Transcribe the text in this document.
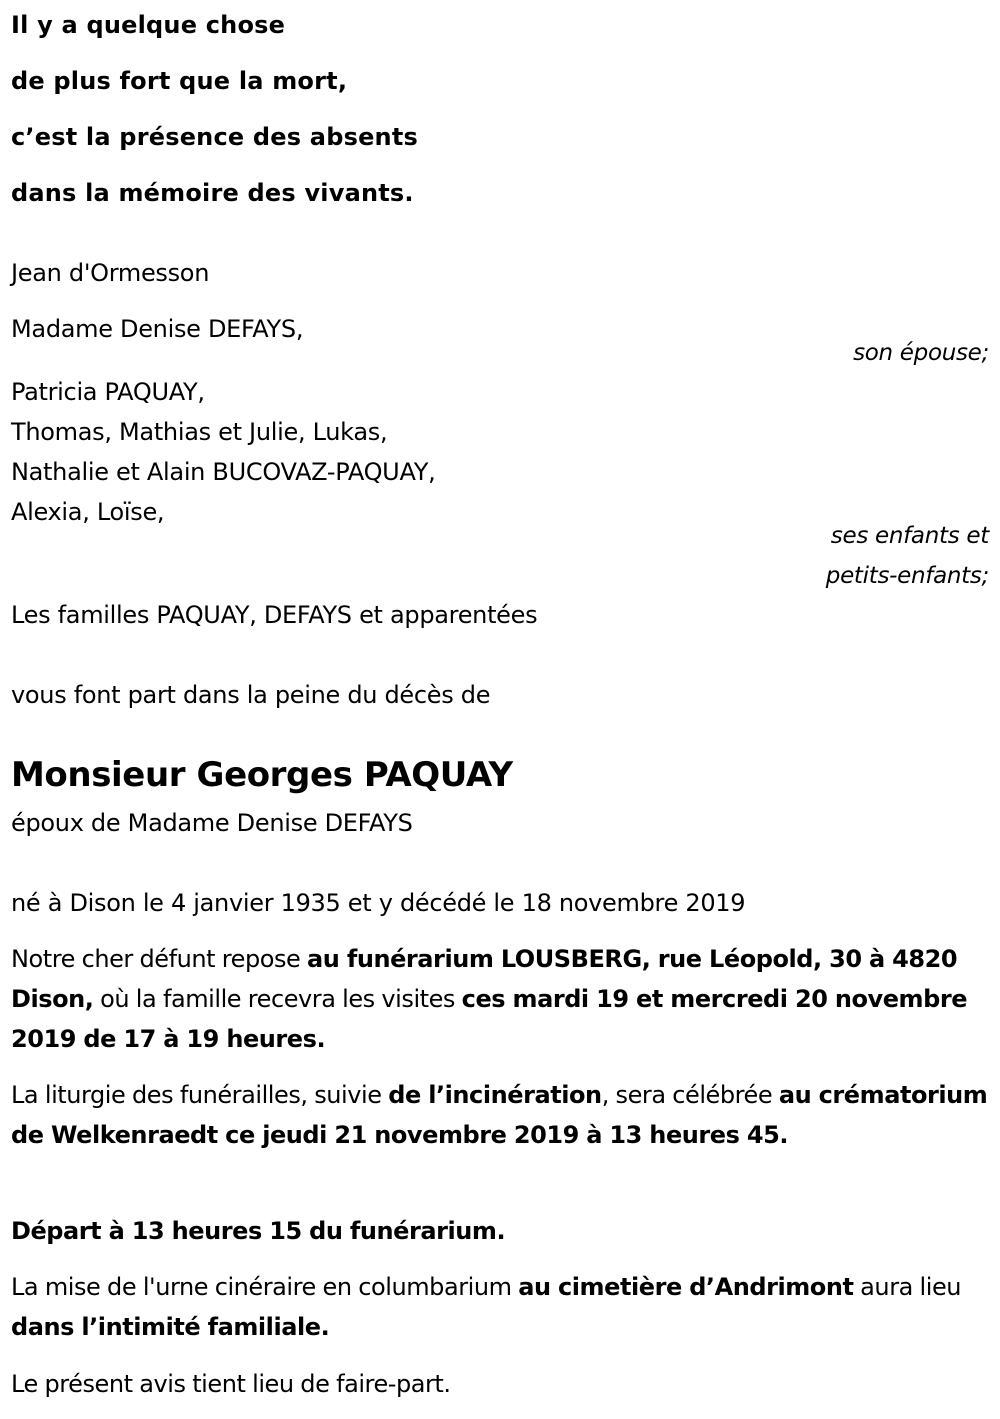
Il y a quelque chose
de plus fort que la mort,
c’est la présence des absents
dans la mémoire des vivants.
Jean d'Ormesson
Madame Denise DEFAYS,
son épouse;
Patricia PAQUAY,
Thomas, Mathias et Julie, Lukas,
Nathalie et Alain BUCOVAZ-PAQUAY,
Alexia, Loïse,
ses enfants et
petits-enfants;
Les familles PAQUAY, DEFAYS et apparentées
vous font part dans la peine du décès de
Monsieur Georges PAQUAY
époux de Madame Denise DEFAYS
né à Dison le 4 janvier 1935 et y décédé le 18 novembre 2019
Notre cher défunt repose au funérarium LOUSBERG, rue Léopold, 30 à 4820 Dison, où la famille recevra les visites ces mardi 19 et mercredi 20 novembre 2019 de 17 à 19 heures.
La liturgie des funérailles, suivie de l’incinération, sera célébrée au crématorium de Welkenraedt ce jeudi 21 novembre 2019 à 13 heures 45.
Départ à 13 heures 15 du funérarium.
La mise de l'urne cinéraire en columbarium au cimetière d’Andrimont aura lieu dans l’intimité familiale.
Le présent avis tient lieu de faire-part.
